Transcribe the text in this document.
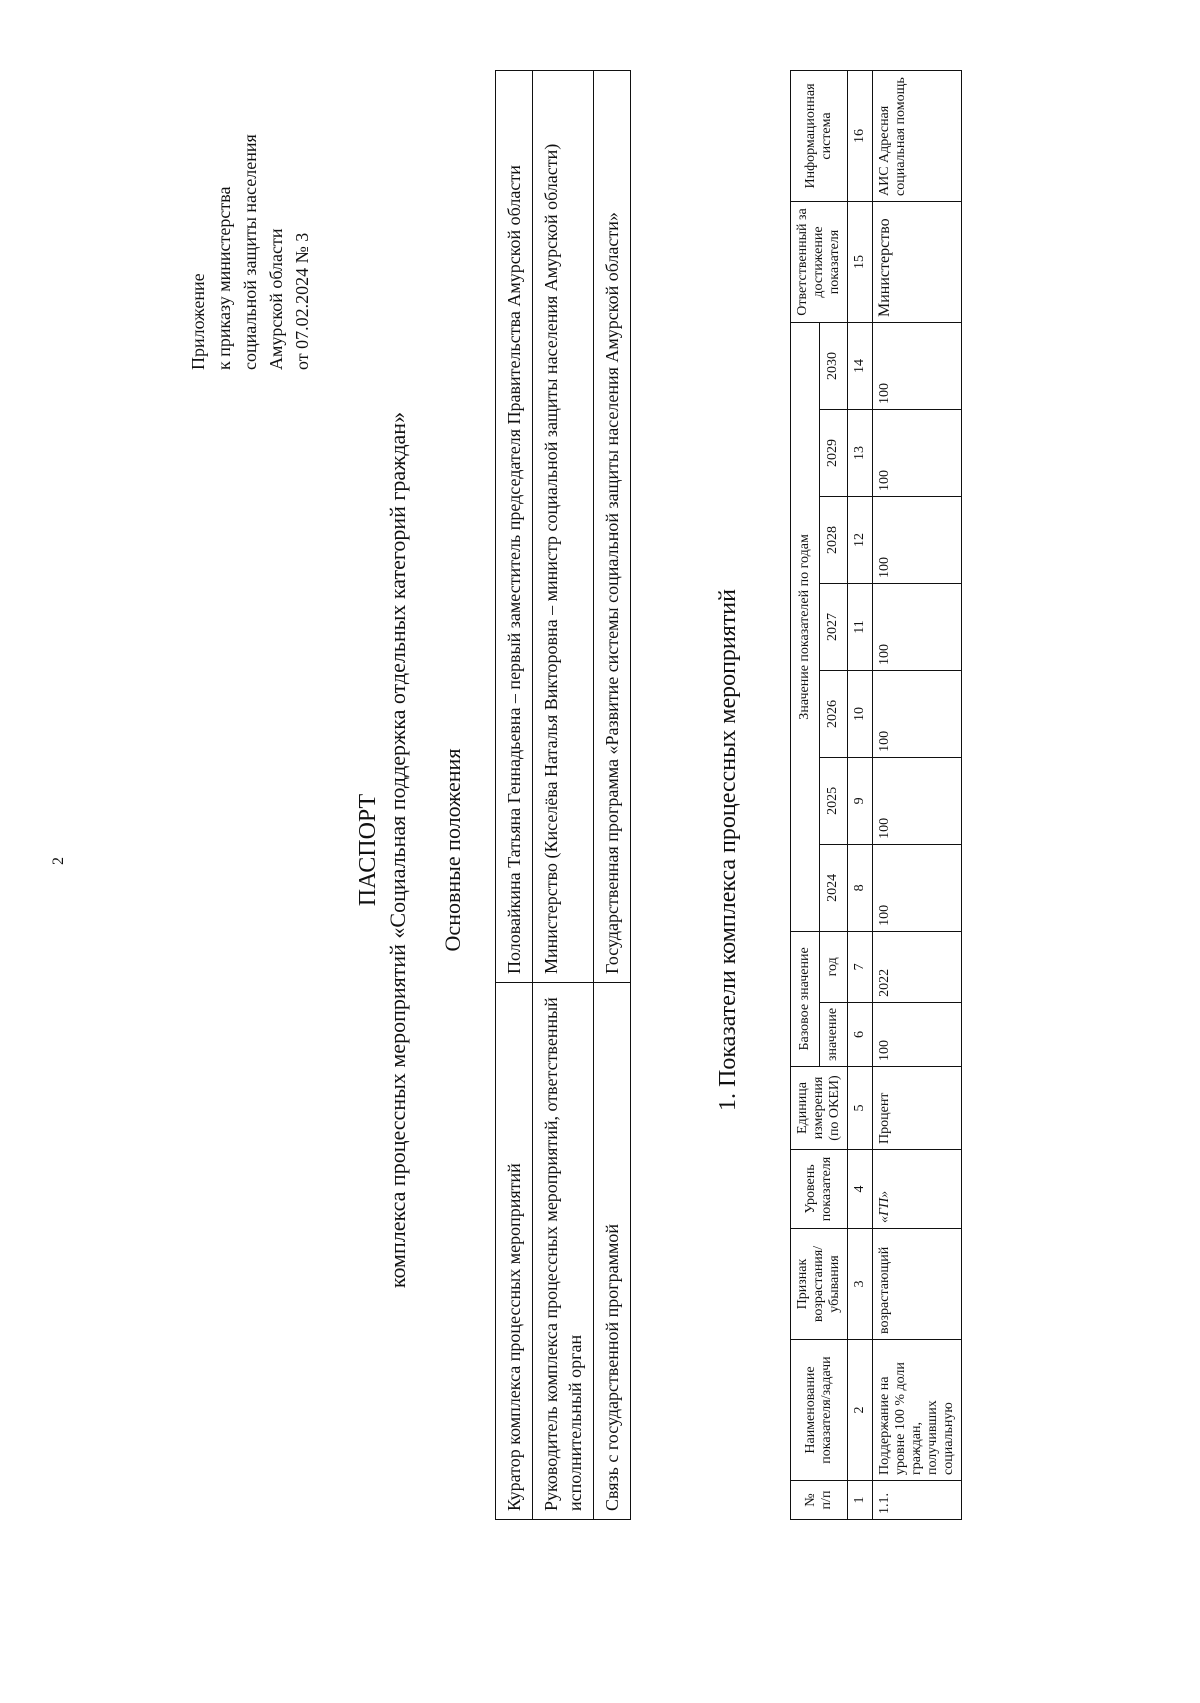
2
Приложение к приказу министерства социальной защиты населения Амурской области от 07.02.2024 № 3
ПАСПОРТ комплекса процессных мероприятий «Социальная поддержка отдельных категорий граждан» Основные положения
Куратор комплекса процессных мероприятий	Половайкина Татьяна Геннадьевна – первый заместитель председателя Правительства Амурской области
Руководитель комплекса процессных мероприятий, ответственный исполнительный орган	Министерство (Киселёва Наталья Викторовна – министр социальной защиты населения Амурской области)
Связь с государственной программой	Государственная программа «Развитие системы социальной защиты населения Амурской области»	1. Показатели комплекса процессных мероприятий
№ п/п	Наименование показателя/задачи	Признак возрастания/убывания	Уровень показателя	Единица измерения (по ОКЕИ)	Базовое значение		Значение показателей по годам							Ответственный за достижение показателя	Информационная система
					значение	год	2024	2025	2026	2027	2028	2029	2030		
1	2	3	4	5	6	7	8	9	10	11	12	13	14	15	16
1.1.	Поддержание на уровне 100 % доли граждан, получивших социальную	возрастающий	«ГП»	Процент	100	2022	100	100	100	100	100	100	100	Министерство	АИС Адресная социальная помощь
